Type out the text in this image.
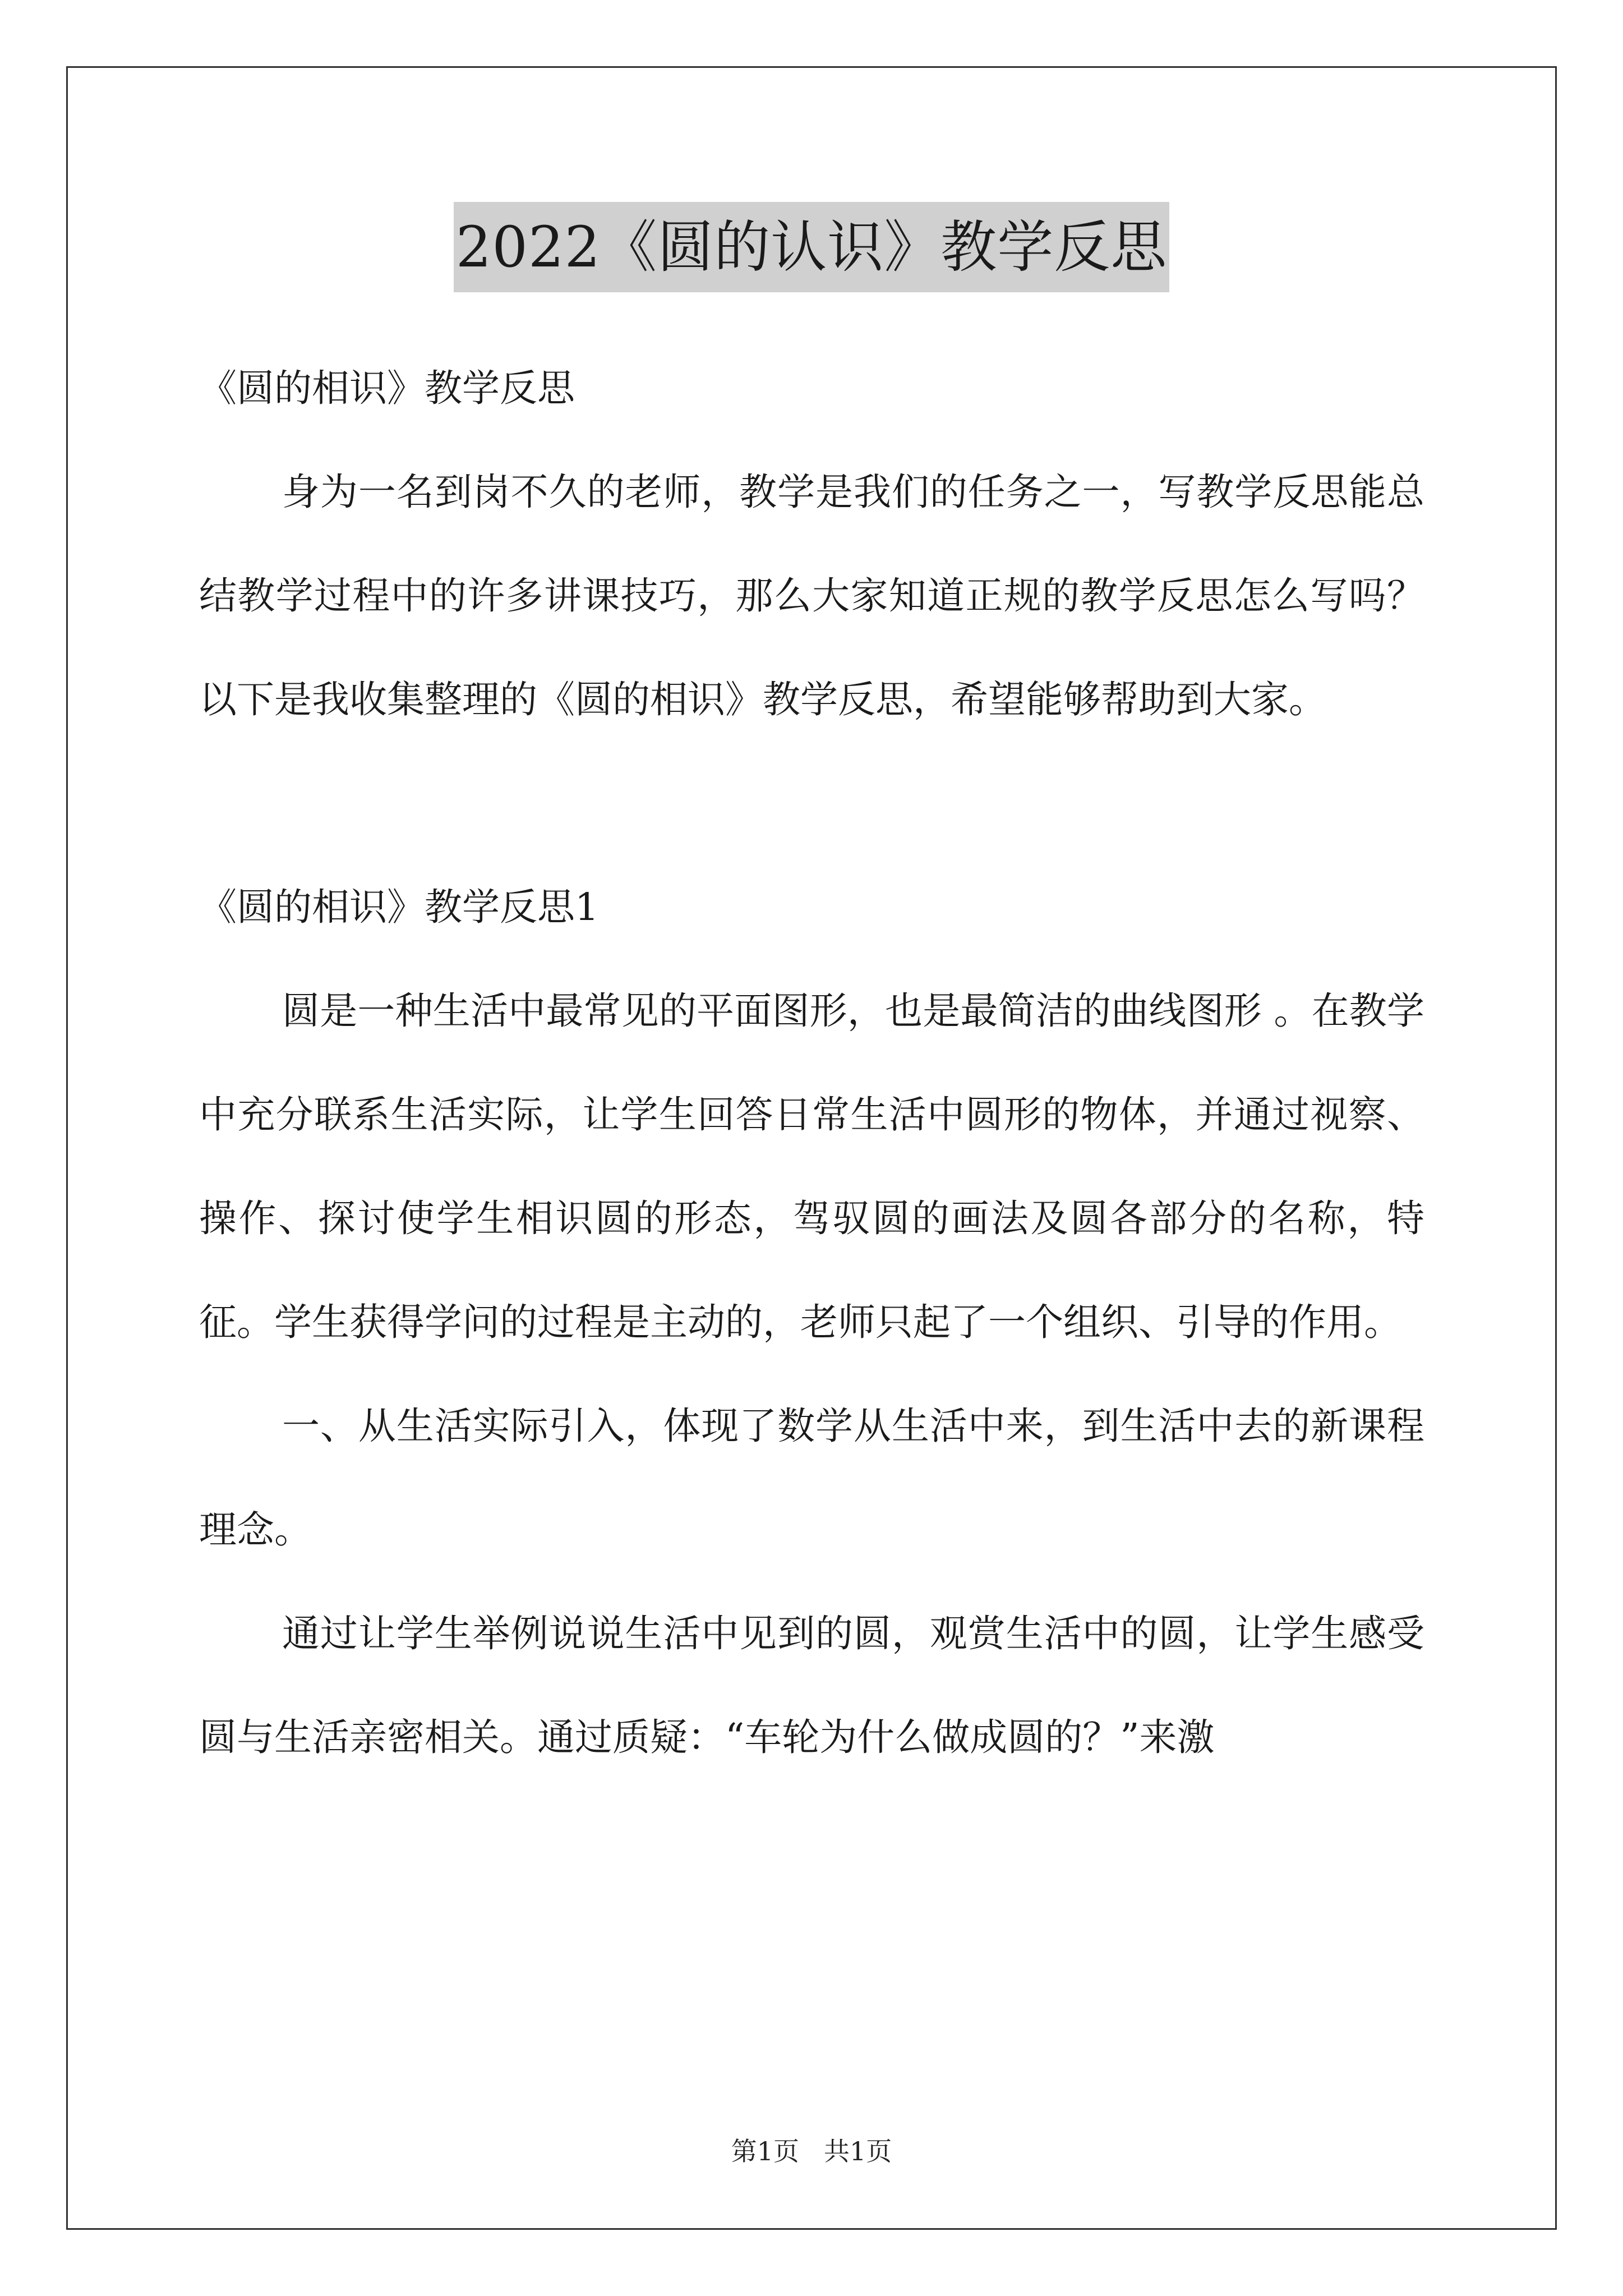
2022《圆的认识》教学反思

《圆的相识》教学反思

身为一名到岗不久的老师，教学是我们的任务之一，写教学反思能总结教学过程中的许多讲课技巧，那么大家知道正规的教学反思怎么写吗？以下是我收集整理的《圆的相识》教学反思，希望能够帮助到大家。

《圆的相识》教学反思1

圆是一种生活中最常见的平面图形，也是最简洁的曲线图形 。在教学中充分联系生活实际，让学生回答日常生活中圆形的物体，并通过视察、操作、探讨使学生相识圆的形态，驾驭圆的画法及圆各部分的名称，特征。学生获得学问的过程是主动的，老师只起了一个组织、引导的作用。

一、从生活实际引入，体现了数学从生活中来，到生活中去的新课程理念。

通过让学生举例说说生活中见到的圆，观赏生活中的圆，让学生感受圆与生活亲密相关。通过质疑：“车轮为什么做成圆的？”来激

第1页 共1页
